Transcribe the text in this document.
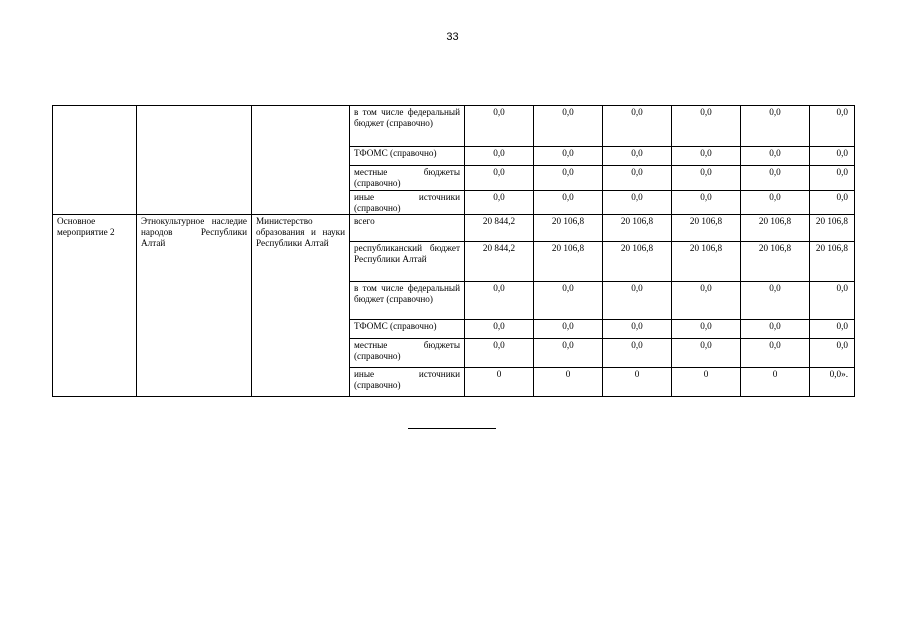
33
			в том числе федеральный бюджет (справочно)	0,0	0,0	0,0	0,0	0,0	0,0
			ТФОМС (справочно)	0,0	0,0	0,0	0,0	0,0	0,0
			местные бюджеты (справочно)	0,0	0,0	0,0	0,0	0,0	0,0
			иные источники (справочно)	0,0	0,0	0,0	0,0	0,0	0,0
Основное мероприятие 2	Этнокультурное наследие народов Республики Алтай	Министерство образования и науки Республики Алтай	всего	20 844,2	20 106,8	20 106,8	20 106,8	20 106,8	20 106,8
			республиканский бюджет Республики Алтай	20 844,2	20 106,8	20 106,8	20 106,8	20 106,8	20 106,8
			в том числе федеральный бюджет (справочно)	0,0	0,0	0,0	0,0	0,0	0,0
			ТФОМС (справочно)	0,0	0,0	0,0	0,0	0,0	0,0
			местные бюджеты (справочно)	0,0	0,0	0,0	0,0	0,0	0,0
			иные источники (справочно)	0	0	0	0	0	0,0».
